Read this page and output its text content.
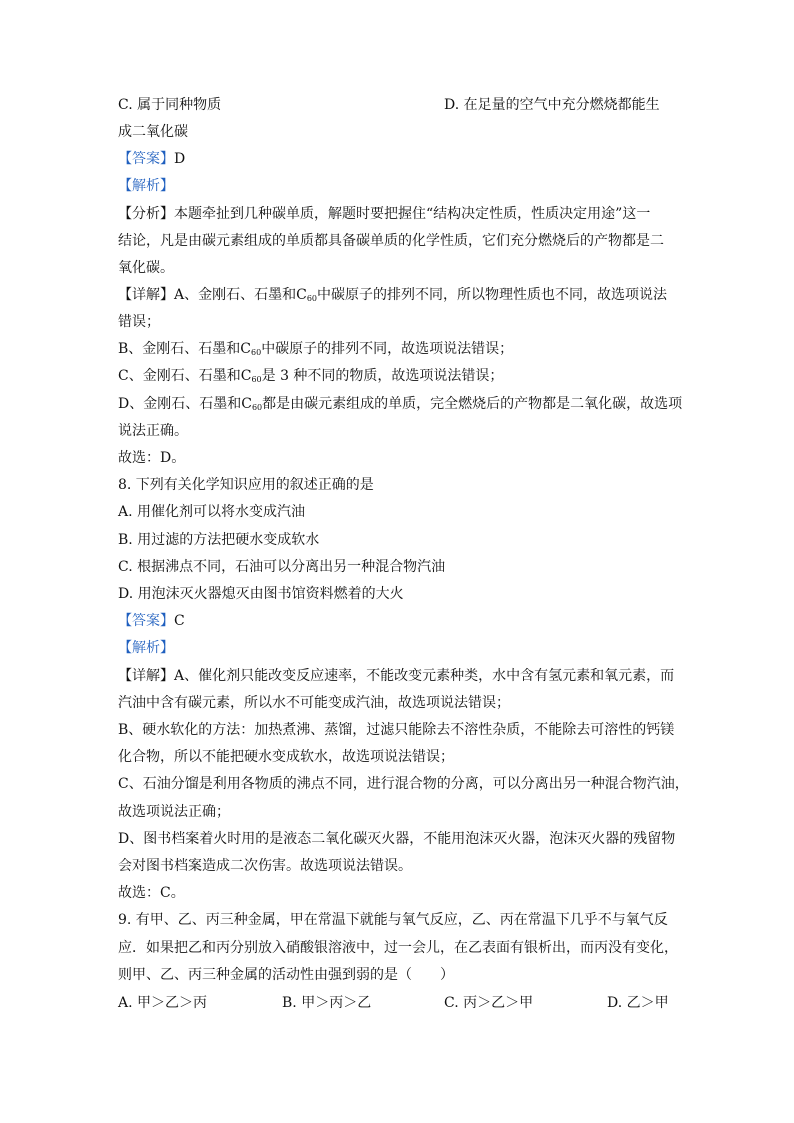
C. 属于同种物质	D. 在足量的空气中充分燃烧都能生
成二氧化碳
【答案】D
【解析】
【分析】本题牵扯到几种碳单质，解题时要把握住“结构决定性质，性质决定用途”这一
结论，凡是由碳元素组成的单质都具备碳单质的化学性质，它们充分燃烧后的产物都是二
氧化碳。
【详解】A、金刚石、石墨和$C_{60}$中碳原子的排列不同，所以物理性质也不同，故选项说法
错误；
B、金刚石、石墨和$C_{60}$中碳原子的排列不同，故选项说法错误；
C、金刚石、石墨和$C_{60}$是 3 种不同的物质，故选项说法错误；
D、金刚石、石墨和$C_{60}$都是由碳元素组成的单质，完全燃烧后的产物都是二氧化碳，故选项
说法正确。
故选：D。
8. 下列有关化学知识应用的叙述正确的是
A. 用催化剂可以将水变成汽油
B. 用过滤的方法把硬水变成软水
C. 根据沸点不同，石油可以分离出另一种混合物汽油
D. 用泡沫灭火器熄灭由图书馆资料燃着的大火
【答案】C
【解析】
【详解】A、催化剂只能改变反应速率，不能改变元素种类，水中含有氢元素和氧元素，而
汽油中含有碳元素，所以水不可能变成汽油，故选项说法错误；
B、硬水软化的方法：加热煮沸、蒸馏，过滤只能除去不溶性杂质，不能除去可溶性的钙镁
化合物，所以不能把硬水变成软水，故选项说法错误；
C、石油分馏是利用各物质的沸点不同，进行混合物的分离，可以分离出另一种混合物汽油，
故选项说法正确；
D、图书档案着火时用的是液态二氧化碳灭火器，不能用泡沫灭火器，泡沫灭火器的残留物
会对图书档案造成二次伤害。故选项说法错误。
故选：C。
9. 有甲、乙、丙三种金属，甲在常温下就能与氧气反应，乙、丙在常温下几乎不与氧气反
应．如果把乙和丙分别放入硝酸银溶液中，过一会儿，在乙表面有银析出，而丙没有变化，
则甲、乙、丙三种金属的活动性由强到弱的是（　　）
A. 甲＞乙＞丙	B. 甲＞丙＞乙	C. 丙＞乙＞甲	D. 乙＞甲
